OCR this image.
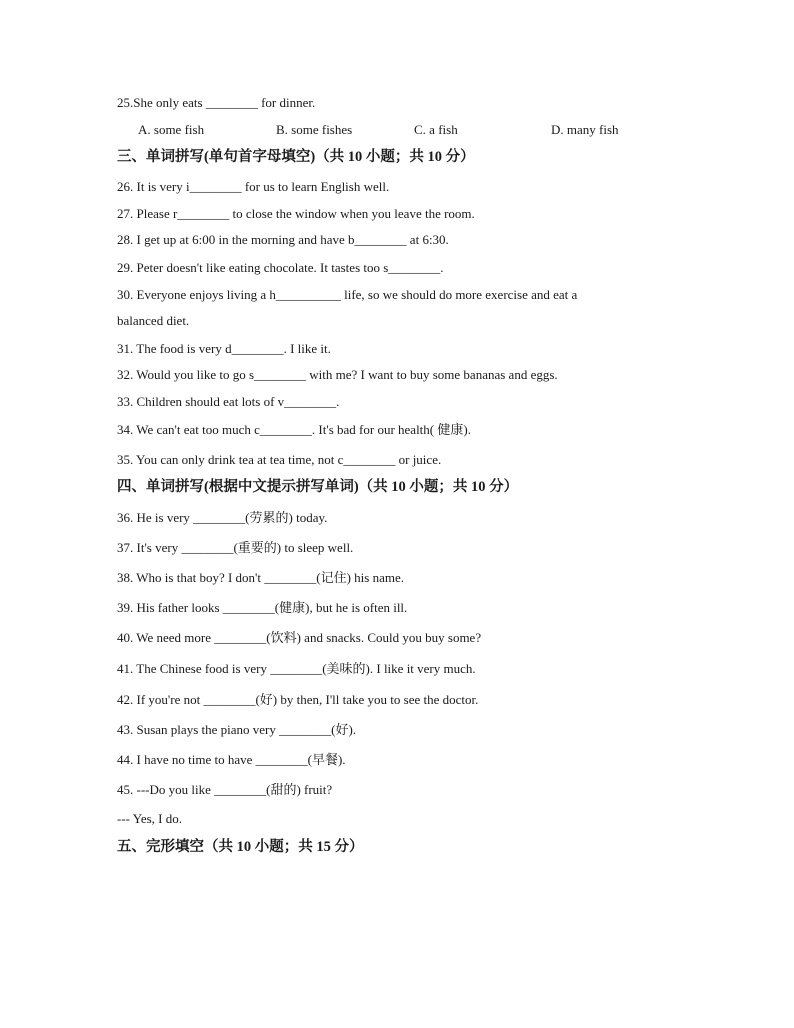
25.She only eats ________ for dinner.
A. some fish	B. some fishes	C. a fish	D. many fish
三、单词拼写(单句首字母填空)（共 10 小题；共 10 分）
26. It is very i________ for us to learn English well.
27. Please r________ to close the window when you leave the room.
28. I get up at 6:00 in the morning and have b________ at 6:30.
29. Peter doesn't like eating chocolate. It tastes too s________.
30. Everyone enjoys living a h__________ life, so we should do more exercise and eat a
balanced diet.
31. The food is very d________. I like it.
32. Would you like to go s________ with me? I want to buy some bananas and eggs.
33. Children should eat lots of v________.
34. We can't eat too much c________. It's bad for our health( 健康).
35. You can only drink tea at tea time, not c________ or juice.
四、单词拼写(根据中文提示拼写单词)（共 10 小题；共 10 分）
36. He is very ________(劳累的) today.
37. It's very ________(重要的) to sleep well.
38. Who is that boy? I don't ________(记住) his name.
39. His father looks ________(健康), but he is often ill.
40. We need more ________(饮料) and snacks. Could you buy some?
41. The Chinese food is very ________(美味的). I like it very much.
42. If you're not ________(好) by then, I'll take you to see the doctor.
43. Susan plays the piano very ________(好).
44. I have no time to have ________(早餐).
45. ---Do you like ________(甜的) fruit?
--- Yes, I do.
五、完形填空（共 10 小题；共 15 分）
